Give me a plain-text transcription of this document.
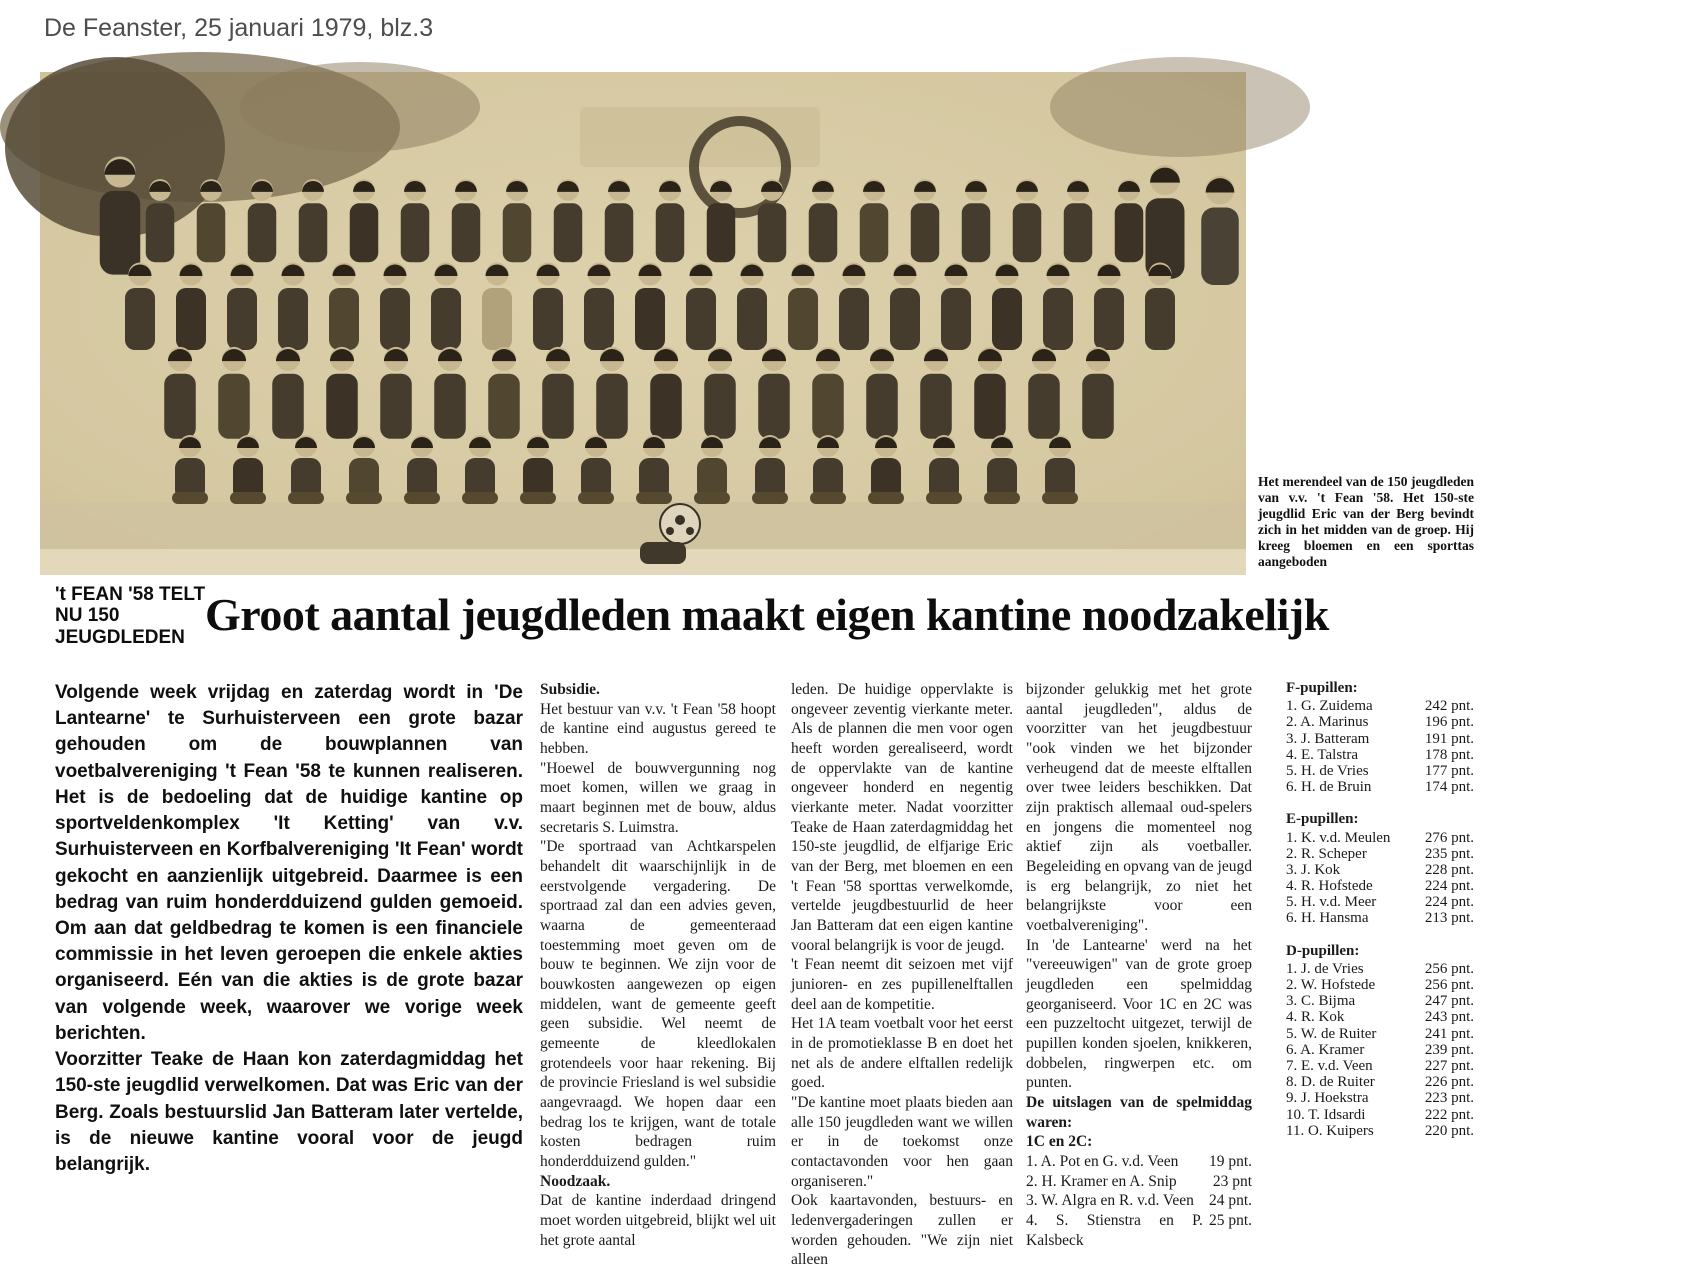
De Feanster, 25 januari 1979, blz.3
Het merendeel van de 150 jeugdleden van v.v. 't Fean '58. Het 150-ste jeugdlid Eric van der Berg bevindt zich in het midden van de groep. Hij kreeg bloemen en een sporttas aangeboden
't FEAN '58 TELT
NU 150
JEUGDLEDEN Groot aantal jeugdleden maakt eigen kantine noodzakelijk

Volgende week vrijdag en zaterdag wordt in 'De Lantearne' te Surhuisterveen een grote bazar gehouden om de bouwplannen van voetbalvereniging 't Fean '58 te kunnen realiseren. Het is de bedoeling dat de huidige kantine op sportveldenkomplex 'It Ketting' van v.v. Surhuisterveen en Korfbalvereniging 'It Fean' wordt gekocht en aanzienlijk uitgebreid. Daarmee is een bedrag van ruim honderdduizend gulden gemoeid. Om aan dat geldbedrag te komen is een financiele commissie in het leven geroepen die enkele akties organiseerd. Eén van die akties is de grote bazar van volgende week, waarover we vorige week berichten.

Voorzitter Teake de Haan kon zaterdagmiddag het 150-ste jeugdlid verwelkomen. Dat was Eric van der Berg. Zoals bestuurslid Jan Batteram later vertelde, is de nieuwe kantine vooral voor de jeugd belangrijk.

Subsidie.

Het bestuur van v.v. 't Fean '58 hoopt de kantine eind augustus gereed te hebben.

"Hoewel de bouwvergunning nog moet komen, willen we graag in maart beginnen met de bouw, aldus secretaris S. Luimstra.

"De sportraad van Achtkarspelen behandelt dit waarschijnlijk in de eerstvolgende vergadering. De sportraad zal dan een advies geven, waarna de gemeenteraad toestemming moet geven om de bouw te beginnen. We zijn voor de bouwkosten aangewezen op eigen middelen, want de gemeente geeft geen subsidie. Wel neemt de gemeente de kleedlokalen grotendeels voor haar rekening. Bij de provincie Friesland is wel subsidie aangevraagd. We hopen daar een bedrag los te krijgen, want de totale kosten bedragen ruim honderdduizend gulden."

Noodzaak.

Dat de kantine inderdaad dringend moet worden uitgebreid, blijkt wel uit het grote aantal

leden. De huidige oppervlakte is ongeveer zeventig vierkante meter. Als de plannen die men voor ogen heeft worden gerealiseerd, wordt de oppervlakte van de kantine ongeveer honderd en negentig vierkante meter. Nadat voorzitter Teake de Haan zaterdagmiddag het 150-ste jeugdlid, de elfjarige Eric van der Berg, met bloemen en een 't Fean '58 sporttas verwelkomde, vertelde jeugdbestuurlid de heer Jan Batteram dat een eigen kantine vooral belangrijk is voor de jeugd.

't Fean neemt dit seizoen met vijf junioren- en zes pupillenelftallen deel aan de kompetitie.

Het 1A team voetbalt voor het eerst in de promotieklasse B en doet het net als de andere elftallen redelijk goed.

"De kantine moet plaats bieden aan alle 150 jeugdleden want we willen er in de toekomst onze contactavonden voor hen gaan organiseren."

Ook kaartavonden, bestuurs- en ledenvergaderingen zullen er worden gehouden. "We zijn niet alleen

bijzonder gelukkig met het grote aantal jeugdleden", aldus de voorzitter van het jeugdbestuur "ook vinden we het bijzonder verheugend dat de meeste elftallen over twee leiders beschikken. Dat zijn praktisch allemaal oud-spelers en jongens die momenteel nog aktief zijn als voetballer. Begeleiding en opvang van de jeugd is erg belangrijk, zo niet het belangrijkste voor een voetbalvereniging".

In 'de Lantearne' werd na het "vereeuwigen" van de grote groep jeugdleden een spelmiddag georganiseerd. Voor 1C en 2C was een puzzeltocht uitgezet, terwijl de pupillen konden sjoelen, knikkeren, dobbelen, ringwerpen etc. om punten.

De uitslagen van de spelmiddag waren:

1C en 2C:

1. A. Pot en G. v.d. Veen	19 pnt.
2. H. Kramer en A. Snip	23 pnt
3. W. Algra en R. v.d. Veen 24 pnt.
4. S. Stienstra en P. Kalsbeck
25 pnt.

F-pupillen:

1. G. Zuidema	242 pnt.
2. A. Marinus	196 pnt.
3. J. Batteram	191 pnt.
4. E. Talstra	178 pnt.
5. H. de Vries	177 pnt.
6. H. de Bruin	174 pnt.

E-pupillen:

1. K. v.d. Meulen	276 pnt.
2. R. Scheper	235 pnt.
3. J. Kok	228 pnt.
4. R. Hofstede	224 pnt.
5. H. v.d. Meer	224 pnt.
6. H. Hansma	213 pnt.

D-pupillen:

1. J. de Vries	256 pnt.
2. W. Hofstede	256 pnt.
3. C. Bijma	247 pnt.
4. R. Kok	243 pnt.
5. W. de Ruiter	241 pnt.
6. A. Kramer	239 pnt.
7. E. v.d. Veen	227 pnt.
8. D. de Ruiter	226 pnt.
9. J. Hoekstra	223 pnt.
10. T. Idsardi	222 pnt.
11. O. Kuipers	220 pnt.
